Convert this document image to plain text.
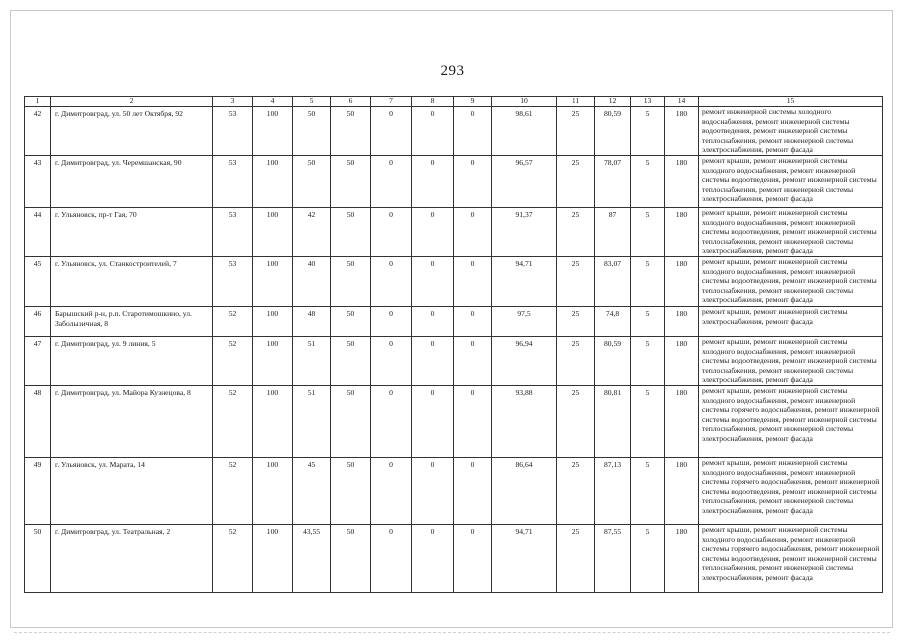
293
1	2	3	4	5	6	7	8	9	10	11	12	13	14	15
42	г. Димитровград, ул. 50 лет Октября, 92	53	100	50	50	0	0	0	98,61	25	80,59	5	180	ремонт инженерной системы холодного водоснабжения, ремонт инженерной системы водоотведения, ремонт инженерной системы теплоснабжения, ремонт инженерной системы электроснабжения, ремонт фасада
43	г. Димитровград, ул. Черемшанская, 90	53	100	50	50	0	0	0	96,57	25	78,07	5	180	ремонт крыши, ремонт инженерной системы холодного водоснабжения, ремонт инженерной системы водоотведения, ремонт инженерной системы теплоснабжения, ремонт инженерной системы электроснабжения, ремонт фасада
44	г. Ульяновск, пр-т Гая, 70	53	100	42	50	0	0	0	91,37	25	87	5	180	ремонт крыши, ремонт инженерной системы холодного водоснабжения, ремонт инженерной системы водоотведения, ремонт инженерной системы теплоснабжения, ремонт инженерной системы электроснабжения, ремонт фасада
45	г. Ульяновск, ул. Станкостроителей, 7	53	100	40	50	0	0	0	94,71	25	83,07	5	180	ремонт крыши, ремонт инженерной системы холодного водоснабжения, ремонт инженерной системы водоотведения, ремонт инженерной системы теплоснабжения, ремонт инженерной системы электроснабжения, ремонт фасада
46	Барышский р-н, р.п. Старотимошкино, ул. Заболызичная, 8	52	100	48	50	0	0	0	97,5	25	74,8	5	180	ремонт крыши, ремонт инженерной системы электроснабжения, ремонт фасада
47	г. Димитровград, ул. 9 линия, 5	52	100	51	50	0	0	0	96,94	25	80,59	5	180	ремонт крыши, ремонт инженерной системы холодного водоснабжения, ремонт инженерной системы водоотведения, ремонт инженерной системы теплоснабжения, ремонт инженерной системы электроснабжения, ремонт фасада
48	г. Димитровград, ул. Майора Кузнецова, 8	52	100	51	50	0	0	0	93,88	25	80,81	5	180	ремонт крыши, ремонт инженерной системы холодного водоснабжения, ремонт инженерной системы горячего водоснабжения, ремонт инженерной системы водоотведения, ремонт инженерной системы теплоснабжения, ремонт инженерной системы электроснабжения, ремонт фасада
49	г. Ульяновск, ул. Марата, 14	52	100	45	50	0	0	0	86,64	25	87,13	5	180	ремонт крыши, ремонт инженерной системы холодного водоснабжения, ремонт инженерной системы горячего водоснабжения, ремонт инженерной системы водоотведения, ремонт инженерной системы теплоснабжения, ремонт инженерной системы электроснабжения, ремонт фасада
50	г. Димитровград, ул. Театральная, 2	52	100	43,55	50	0	0	0	94,71	25	87,55	5	180	ремонт крыши, ремонт инженерной системы холодного водоснабжения, ремонт инженерной системы горячего водоснабжения, ремонт инженерной системы водоотведения, ремонт инженерной системы теплоснабжения, ремонт инженерной системы электроснабжения, ремонт фасада
